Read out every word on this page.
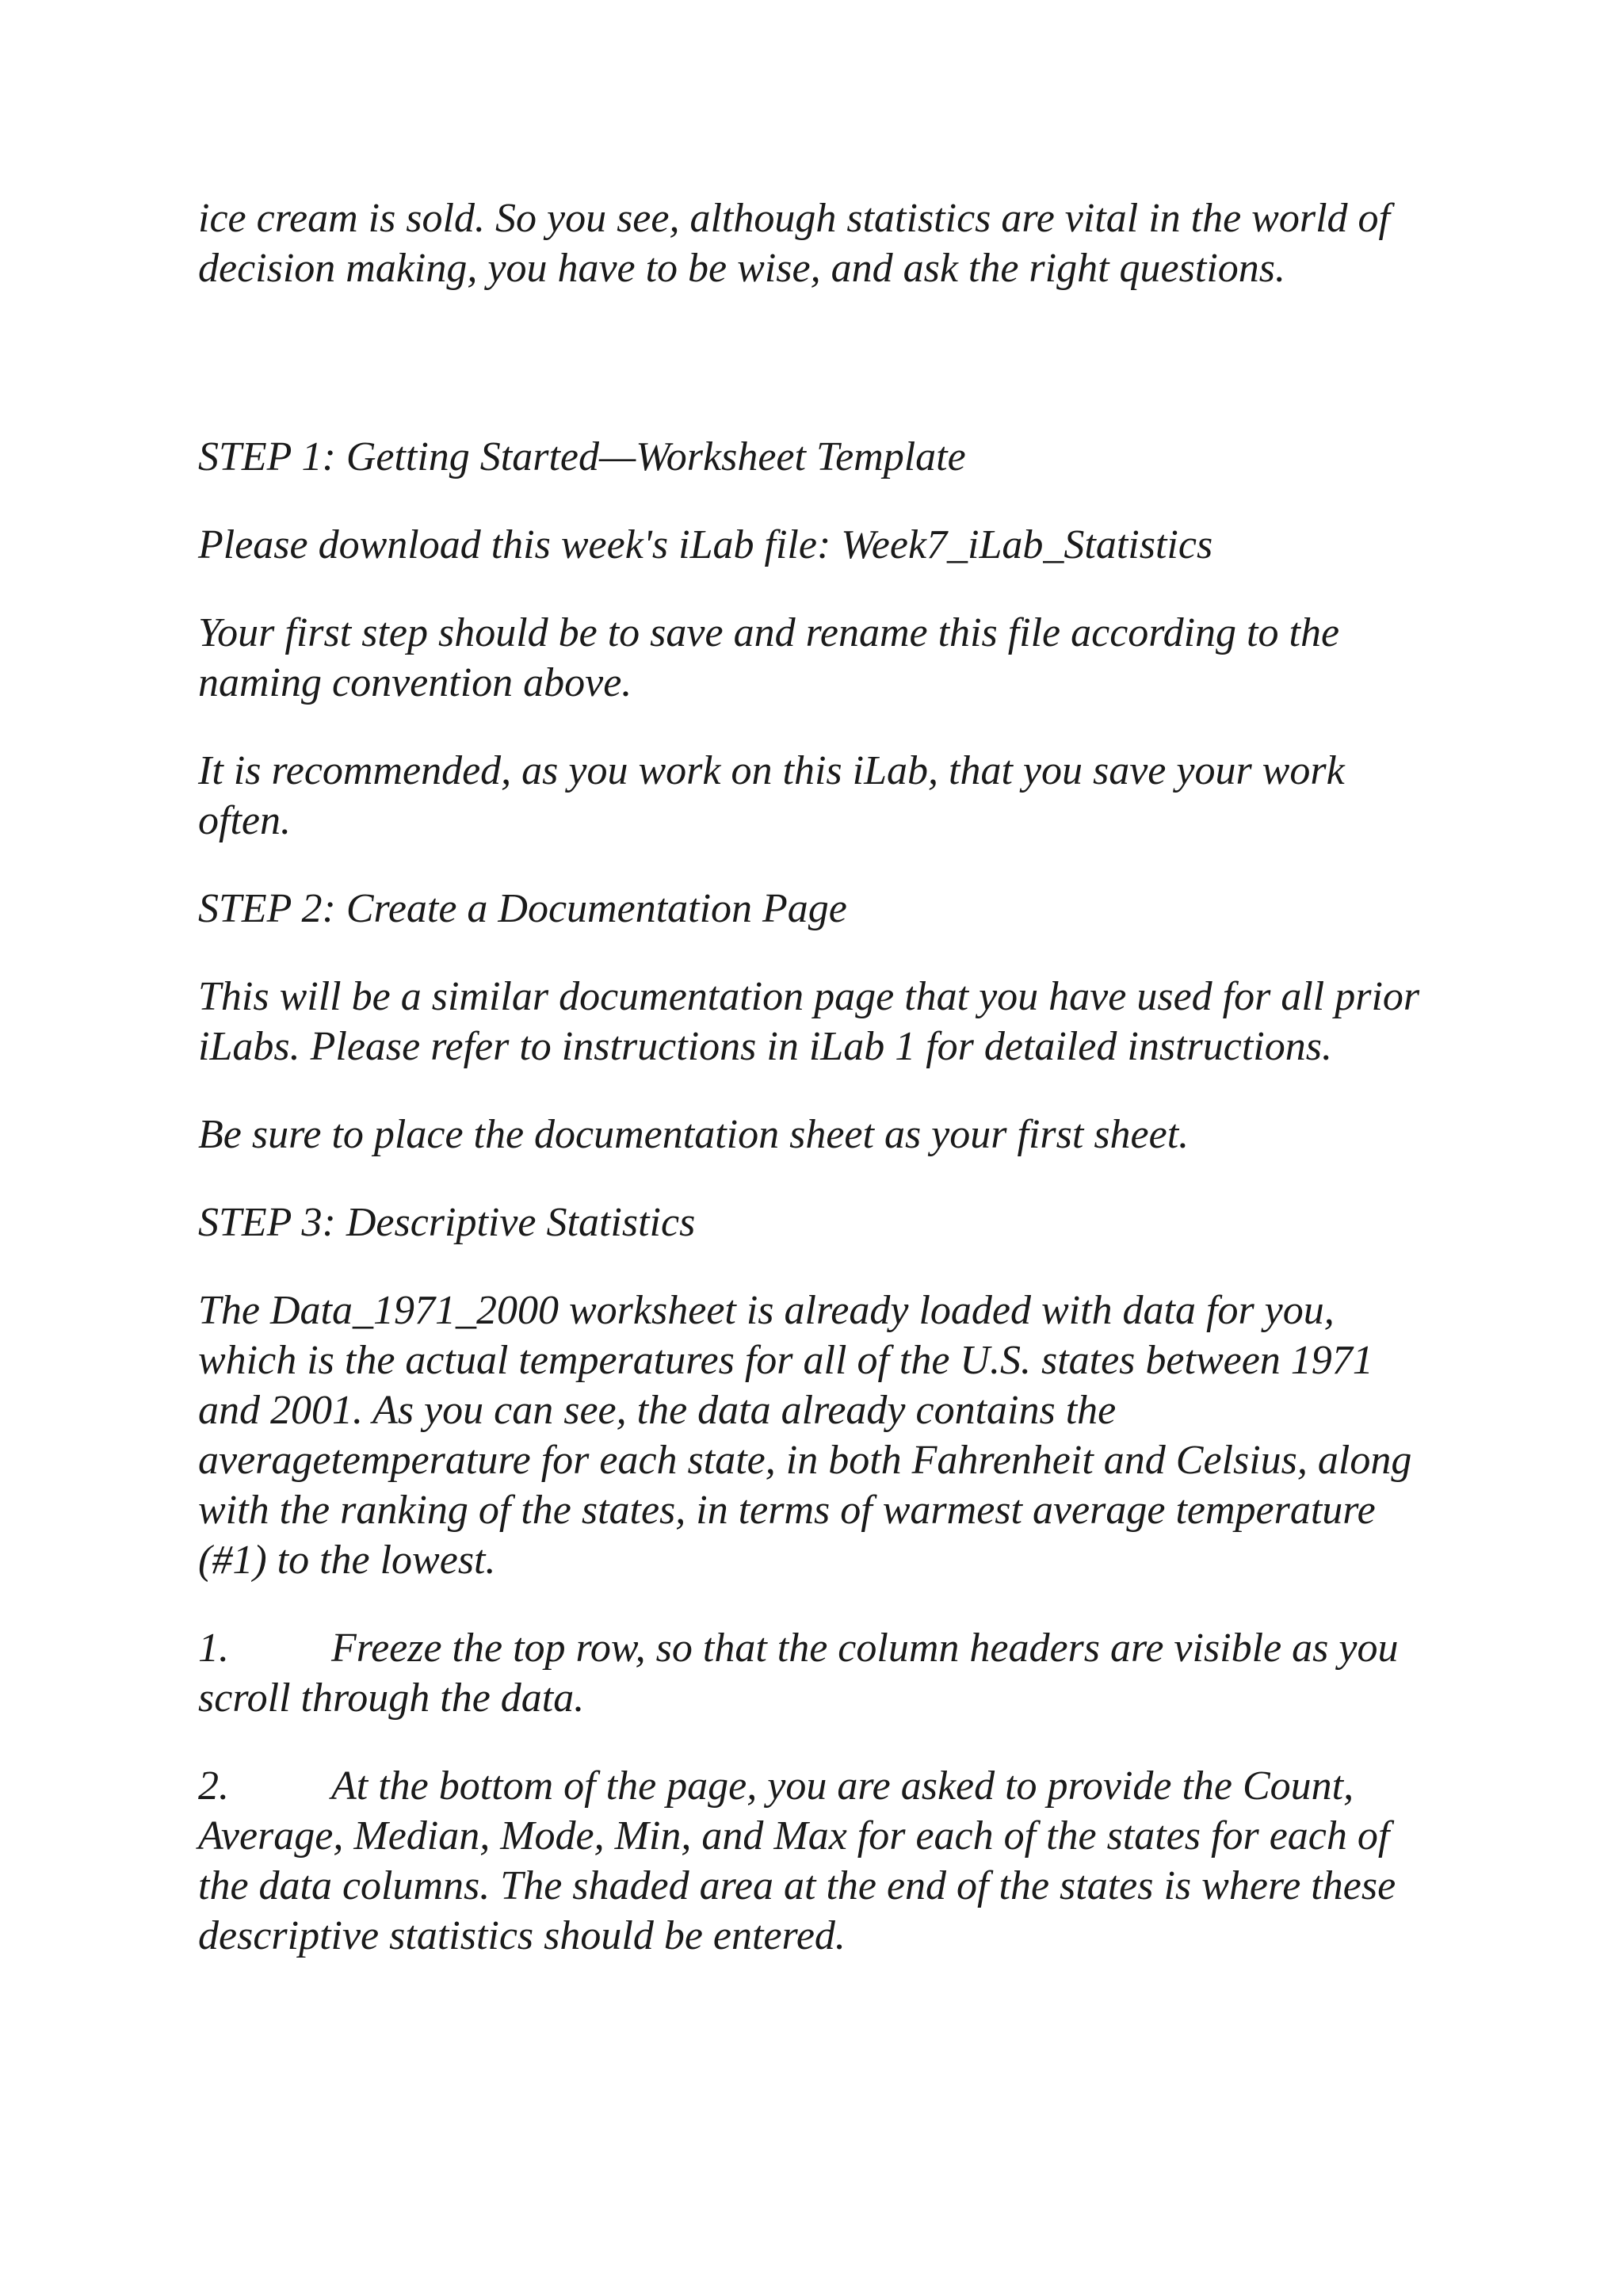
ice cream is sold. So you see, although statistics are vital in the world of decision making, you have to be wise, and ask the right questions.

STEP 1: Getting Started—Worksheet Template

Please download this week's iLab file: Week7_iLab_Statistics

Your first step should be to save and rename this file according to the naming convention above.

It is recommended, as you work on this iLab, that you save your work often.

STEP 2: Create a Documentation Page

This will be a similar documentation page that you have used for all prior iLabs. Please refer to instructions in iLab 1 for detailed instructions.

Be sure to place the documentation sheet as your first sheet.

STEP 3: Descriptive Statistics

The Data_1971_2000 worksheet is already loaded with data for you, which is the actual temperatures for all of the U.S. states between 1971 and 2001. As you can see, the data already contains the averagetemperature for each state, in both Fahrenheit and Celsius, along with the ranking of the states, in terms of warmest average temperature (#1) to the lowest.

1. Freeze the top row, so that the column headers are visible as you scroll through the data.

2. At the bottom of the page, you are asked to provide the Count, Average, Median, Mode, Min, and Max for each of the states for each of the data columns. The shaded area at the end of the states is where these descriptive statistics should be entered.
